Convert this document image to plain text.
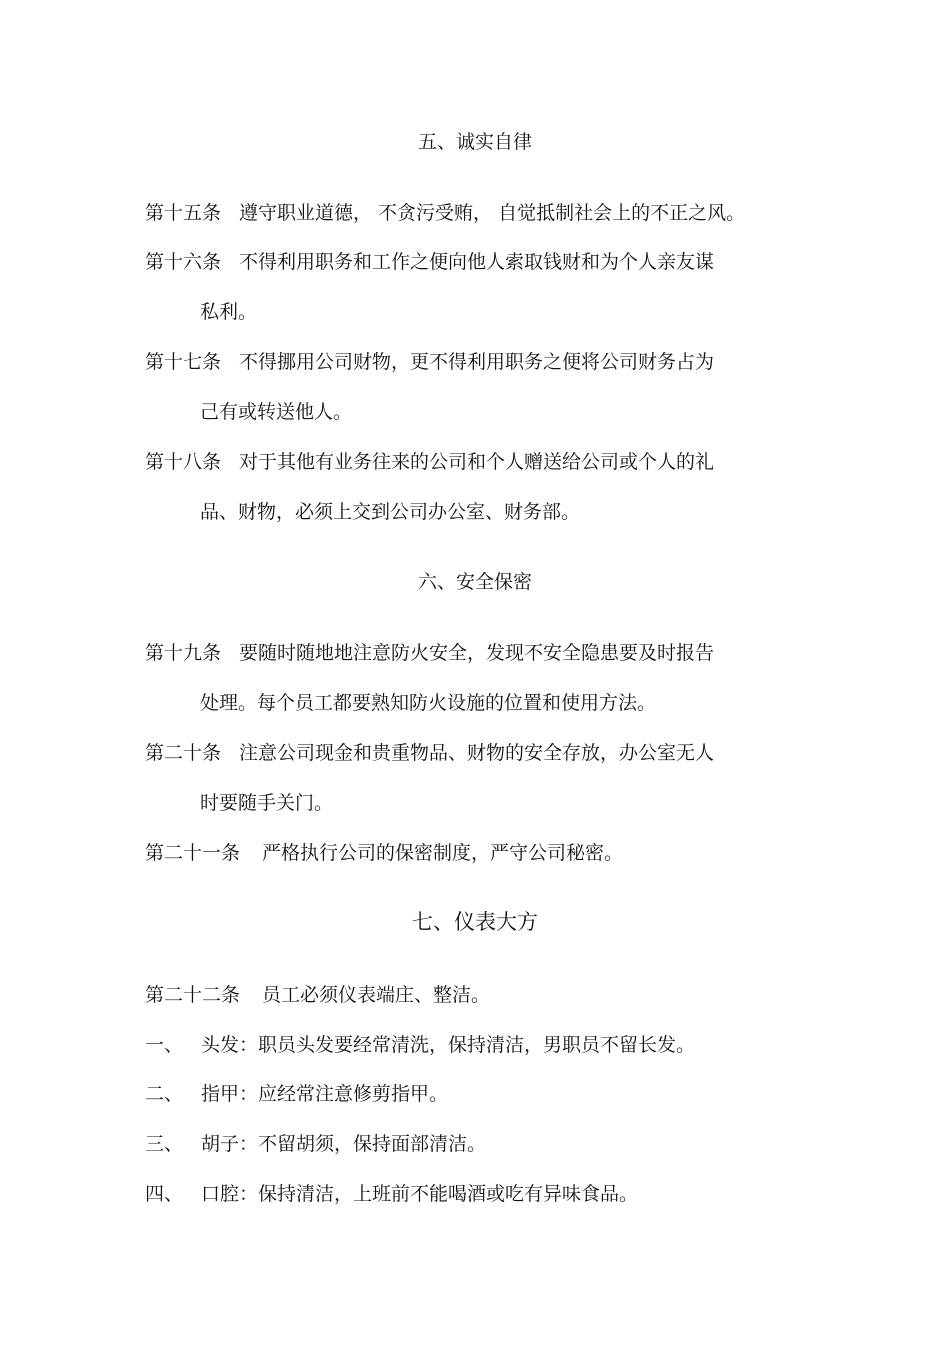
五、诚实自律
第十五条 遵守职业道德， 不贪污受贿， 自觉抵制社会上的不正之风。
第十六条 不得利用职务和工作之便向他人索取钱财和为个人亲友谋
私利。
第十七条 不得挪用公司财物，更不得利用职务之便将公司财务占为
己有或转送他人。
第十八条 对于其他有业务往来的公司和个人赠送给公司或个人的礼
品、财物，必须上交到公司办公室、财务部。
六、安全保密
第十九条 要随时随地地注意防火安全，发现不安全隐患要及时报告
处理。每个员工都要熟知防火设施的位置和使用方法。
第二十条 注意公司现金和贵重物品、财物的安全存放，办公室无人
时要随手关门。
第二十一条 严格执行公司的保密制度，严守公司秘密。
七、仪表大方
第二十二条 员工必须仪表端庄、整洁。
一、 头发：职员头发要经常清洗，保持清洁，男职员不留长发。
二、 指甲：应经常注意修剪指甲。
三、 胡子：不留胡须，保持面部清洁。
四、 口腔：保持清洁，上班前不能喝酒或吃有异味食品。
